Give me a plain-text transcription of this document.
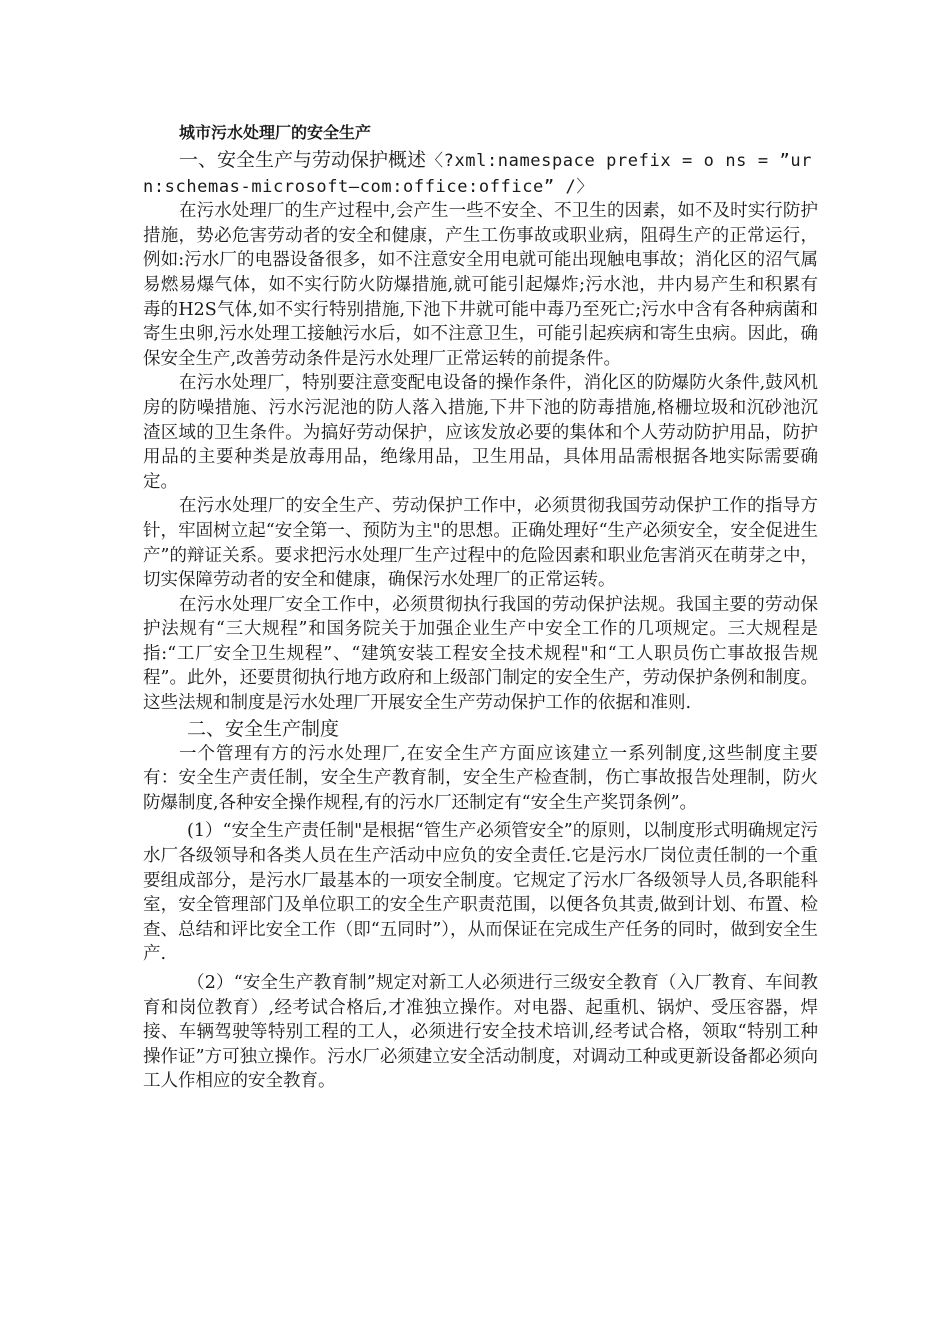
城市污水处理厂的安全生产

一、安全生产与劳动保护概述〈?xml:namespace prefix = o ns = ”urn:schemas-microsoft—com:office:office” /〉

在污水处理厂的生产过程中,会产生一些不安全、不卫生的因素，如不及时实行防护措施，势必危害劳动者的安全和健康，产生工伤事故或职业病，阻碍生产的正常运行，例如:污水厂的电器设备很多，如不注意安全用电就可能出现触电事故；消化区的沼气属易燃易爆气体，如不实行防火防爆措施,就可能引起爆炸;污水池，井内易产生和积累有毒的H2S气体,如不实行特别措施,下池下井就可能中毒乃至死亡;污水中含有各种病菌和寄生虫卵,污水处理工接触污水后，如不注意卫生，可能引起疾病和寄生虫病。因此，确保安全生产,改善劳动条件是污水处理厂正常运转的前提条件。

在污水处理厂，特别要注意变配电设备的操作条件，消化区的防爆防火条件,鼓风机房的防噪措施、污水污泥池的防人落入措施,下井下池的防毒措施,格栅垃圾和沉砂池沉渣区域的卫生条件。为搞好劳动保护，应该发放必要的集体和个人劳动防护用品，防护用品的主要种类是放毒用品，绝缘用品，卫生用品，具体用品需根据各地实际需要确定。

在污水处理厂的安全生产、劳动保护工作中，必须贯彻我国劳动保护工作的指导方针，牢固树立起“安全第一、预防为主"的思想。正确处理好“生产必须安全，安全促进生产”的辩证关系。要求把污水处理厂生产过程中的危险因素和职业危害消灭在萌芽之中，切实保障劳动者的安全和健康，确保污水处理厂的正常运转。

在污水处理厂安全工作中，必须贯彻执行我国的劳动保护法规。我国主要的劳动保护法规有“三大规程”和国务院关于加强企业生产中安全工作的几项规定。三大规程是指:“工厂安全卫生规程”、“建筑安装工程安全技术规程"和“工人职员伤亡事故报告规程”。此外，还要贯彻执行地方政府和上级部门制定的安全生产，劳动保护条例和制度。这些法规和制度是污水处理厂开展安全生产劳动保护工作的依据和准则.

二、安全生产制度

一个管理有方的污水处理厂,在安全生产方面应该建立一系列制度,这些制度主要有：安全生产责任制，安全生产教育制，安全生产检查制，伤亡事故报告处理制，防火防爆制度,各种安全操作规程,有的污水厂还制定有“安全生产奖罚条例”。

(1）“安全生产责任制"是根据“管生产必须管安全”的原则，以制度形式明确规定污水厂各级领导和各类人员在生产活动中应负的安全责任.它是污水厂岗位责任制的一个重要组成部分，是污水厂最基本的一项安全制度。它规定了污水厂各级领导人员,各职能科室，安全管理部门及单位职工的安全生产职责范围，以便各负其责,做到计划、布置、检查、总结和评比安全工作（即“五同时”），从而保证在完成生产任务的同时，做到安全生产.

（2）“安全生产教育制”规定对新工人必须进行三级安全教育（入厂教育、车间教育和岗位教育）,经考试合格后,才准独立操作。对电器、起重机、锅炉、受压容器，焊接、车辆驾驶等特别工程的工人，必须进行安全技术培训,经考试合格，领取“特别工种操作证”方可独立操作。污水厂必须建立安全活动制度，对调动工种或更新设备都必须向工人作相应的安全教育。
